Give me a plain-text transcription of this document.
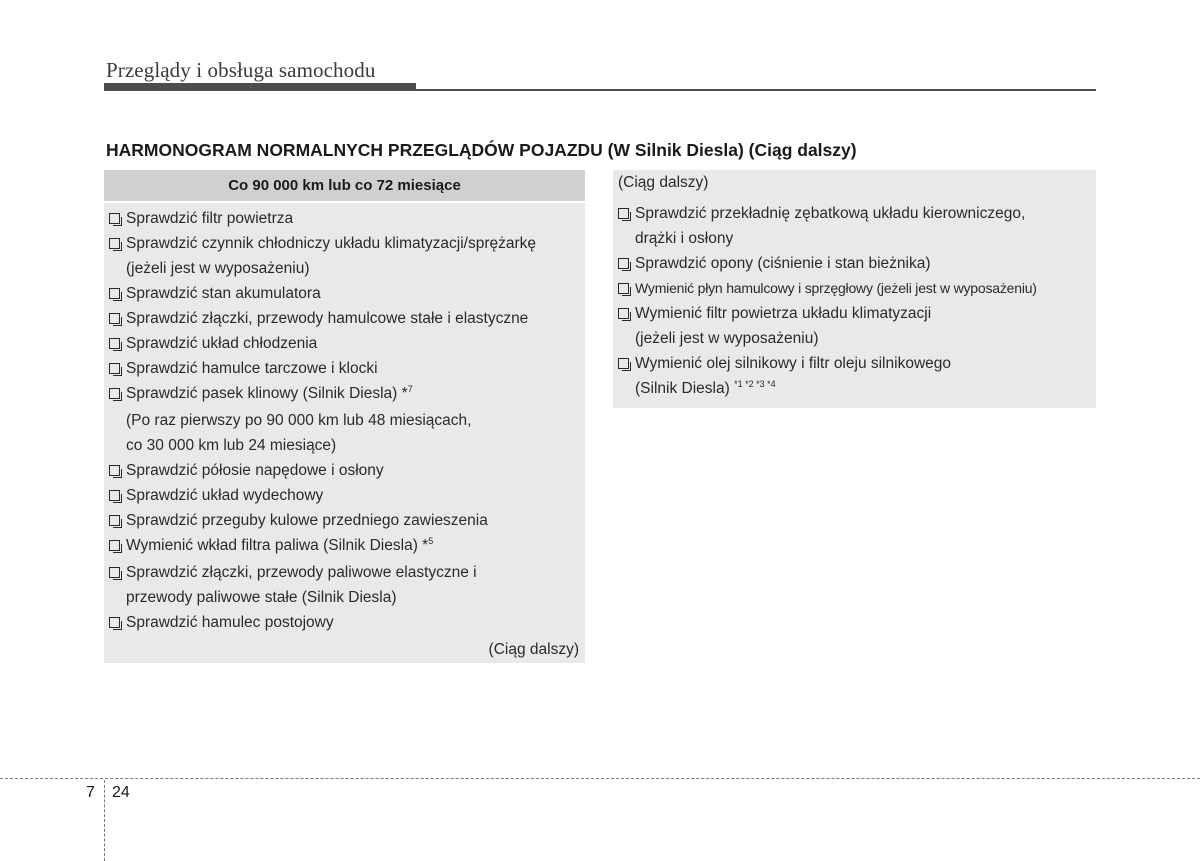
Przeglądy i obsługa samochodu
HARMONOGRAM NORMALNYCH PRZEGLĄDÓW POJAZDU (W Silnik Diesla) (Ciąg dalszy)
Co 90 000 km lub co 72 miesiące
Sprawdzić filtr powietrza
Sprawdzić czynnik chłodniczy układu klimatyzacji/sprężarkę
(jeżeli jest w wyposażeniu)
Sprawdzić stan akumulatora
Sprawdzić złączki, przewody hamulcowe stałe i elastyczne
Sprawdzić układ chłodzenia
Sprawdzić hamulce tarczowe i klocki
Sprawdzić pasek klinowy (Silnik Diesla) *$^7$
(Po raz pierwszy po 90 000 km lub 48 miesiącach,
co 30 000 km lub 24 miesiące)
Sprawdzić półosie napędowe i osłony
Sprawdzić układ wydechowy
Sprawdzić przeguby kulowe przedniego zawieszenia
Wymienić wkład filtra paliwa (Silnik Diesla) *$^5$
Sprawdzić złączki, przewody paliwowe elastyczne i
przewody paliwowe stałe (Silnik Diesla)
Sprawdzić hamulec postojowy
(Ciąg dalszy)
(Ciąg dalszy)
Sprawdzić przekładnię zębatkową układu kierowniczego,
drążki i osłony
Sprawdzić opony (ciśnienie i stan bieżnika)
Wymienić płyn hamulcowy i sprzęgłowy (jeżeli jest w wyposażeniu)
Wymienić filtr powietrza układu klimatyzacji
(jeżeli jest w wyposażeniu)
Wymienić olej silnikowy i filtr oleju silnikowego
(Silnik Diesla) $^{*1 *2 *3 *4}$
7 24
